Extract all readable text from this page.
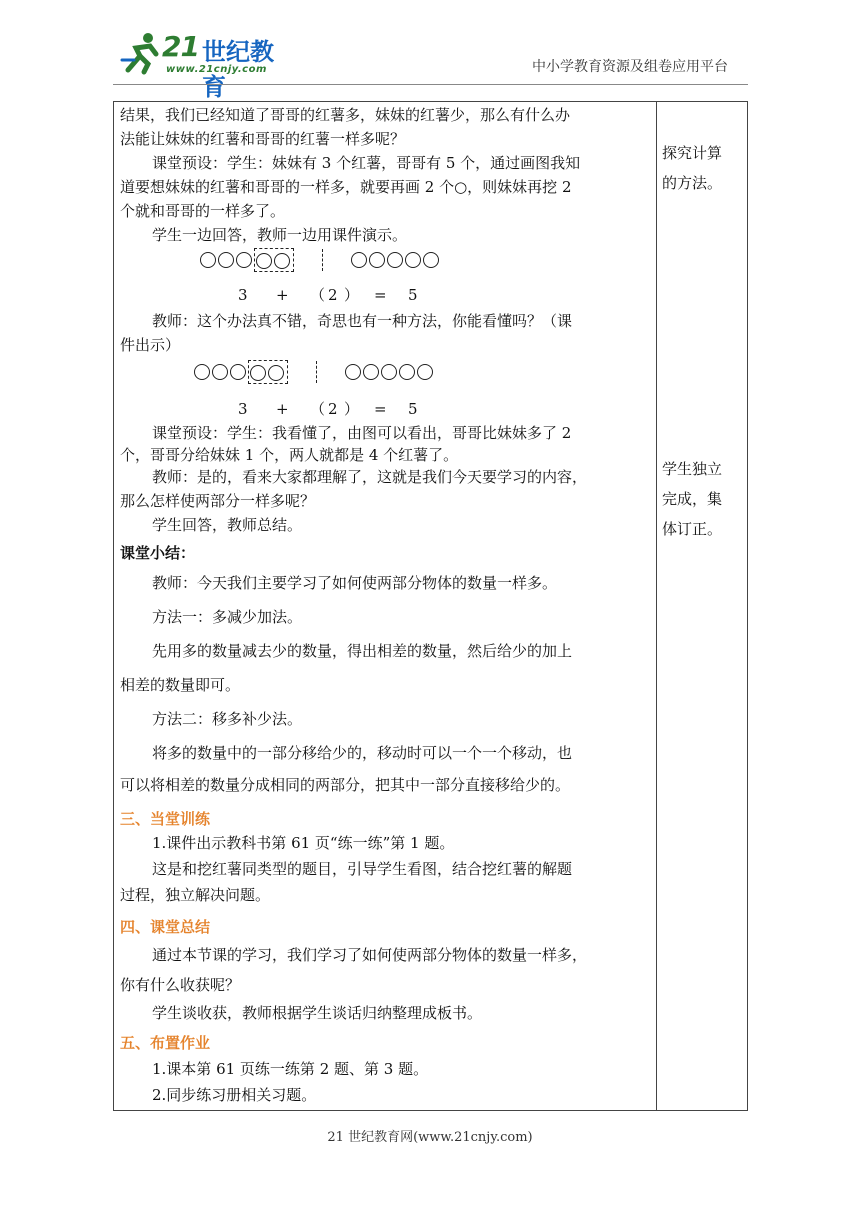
21 世纪教育
www.21cnjy.com	中小学教育资源及组卷应用平台
结果，我们已经知道了哥哥的红薯多，妹妹的红薯少，那么有什么办
法能让妹妹的红薯和哥哥的红薯一样多呢？
课堂预设：学生：妹妹有 3 个红薯，哥哥有 5 个，通过画图我知
道要想妹妹的红薯和哥哥的一样多，就要再画 2 个○，则妹妹再挖 2
个就和哥哥的一样多了。
学生一边回答，教师一边用课件演示。
3 + （ 2 ） = 5
教师：这个办法真不错，奇思也有一种方法，你能看懂吗？（课
件出示）
3 + （ 2 ） = 5
课堂预设：学生：我看懂了，由图可以看出，哥哥比妹妹多了 2
个，哥哥分给妹妹 1 个，两人就都是 4 个红薯了。
教师：是的，看来大家都理解了，这就是我们今天要学习的内容，
那么怎样使两部分一样多呢？
学生回答，教师总结。
课堂小结：
教师：今天我们主要学习了如何使两部分物体的数量一样多。
方法一：多减少加法。
先用多的数量减去少的数量，得出相差的数量，然后给少的加上
相差的数量即可。
方法二：移多补少法。
将多的数量中的一部分移给少的，移动时可以一个一个移动，也
可以将相差的数量分成相同的两部分，把其中一部分直接移给少的。
三、当堂训练
1.课件出示教科书第 61 页“练一练”第 1 题。
这是和挖红薯同类型的题目，引导学生看图，结合挖红薯的解题
过程，独立解决问题。
四、课堂总结
通过本节课的学习，我们学习了如何使两部分物体的数量一样多，
你有什么收获呢？
学生谈收获，教师根据学生谈话归纳整理成板书。
五、布置作业
1.课本第 61 页练一练第 2 题、第 3 题。
2.同步练习册相关习题。
探究计算
的方法。
学生独立
完成，集
体订正。
21 世纪教育网(www.21cnjy.com)
